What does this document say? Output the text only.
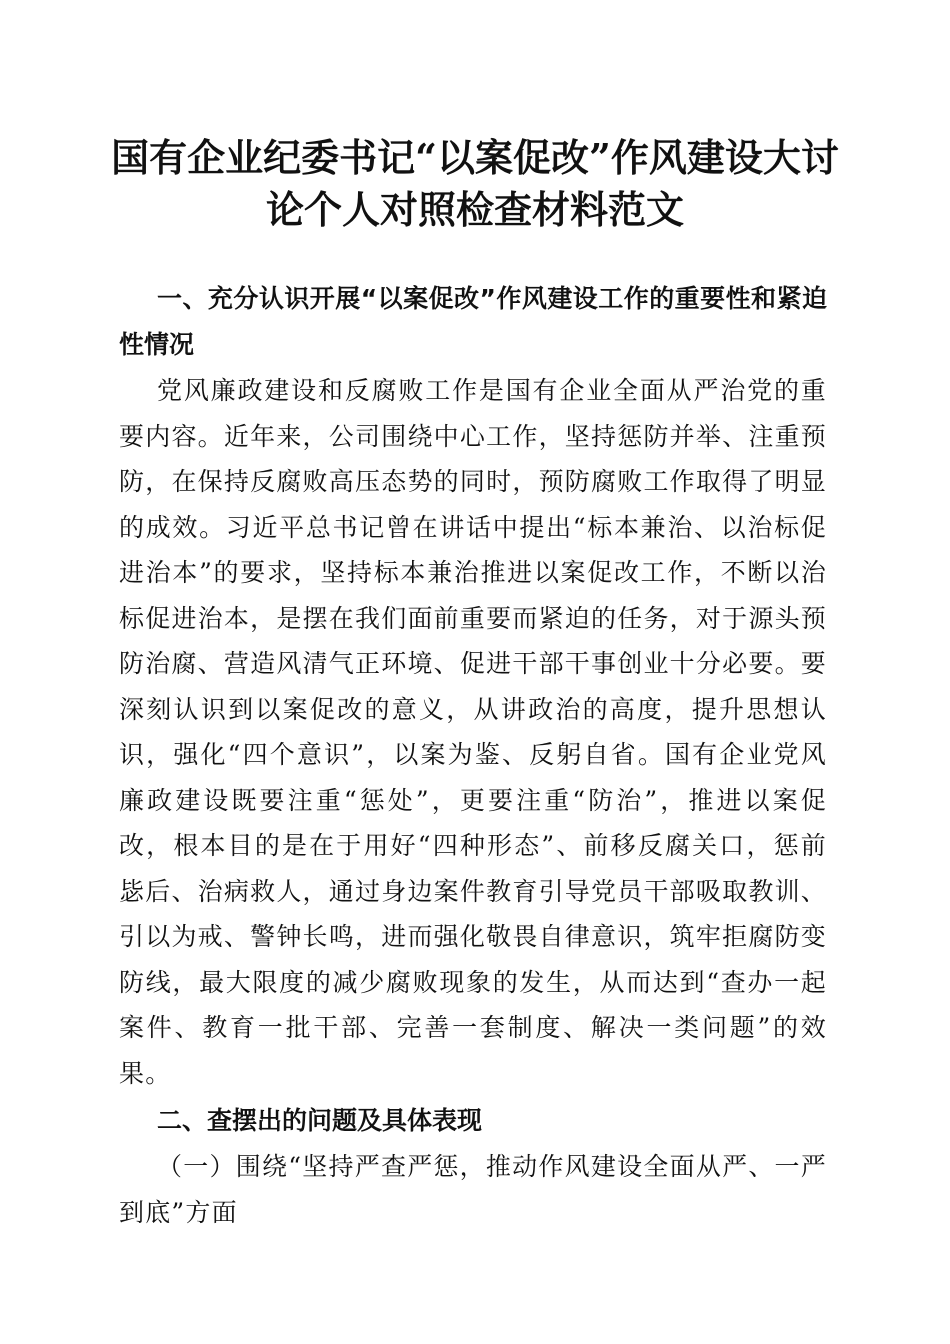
国有企业纪委书记“以案促改”作风建设大讨
论个人对照检查材料范文

一、充分认识开展“以案促改”作风建设工作的重要性和紧迫性情况

党风廉政建设和反腐败工作是国有企业全面从严治党的重要内容。近年来，公司围绕中心工作，坚持惩防并举、注重预防，在保持反腐败高压态势的同时，预防腐败工作取得了明显的成效。习近平总书记曾在讲话中提出“标本兼治、以治标促进治本”的要求，坚持标本兼治推进以案促改工作，不断以治标促进治本，是摆在我们面前重要而紧迫的任务，对于源头预防治腐、营造风清气正环境、促进干部干事创业十分必要。要深刻认识到以案促改的意义，从讲政治的高度，提升思想认识，强化“四个意识”，以案为鉴、反躬自省。国有企业党风廉政建设既要注重“惩处”，更要注重“防治”，推进以案促改，根本目的是在于用好“四种形态”、前移反腐关口，惩前毖后、治病救人，通过身边案件教育引导党员干部吸取教训、引以为戒、警钟长鸣，进而强化敬畏自律意识，筑牢拒腐防变防线，最大限度的减少腐败现象的发生，从而达到“查办一起案件、教育一批干部、完善一套制度、解决一类问题”的效果。

二、查摆出的问题及具体表现

（一）围绕“坚持严查严惩，推动作风建设全面从严、一严到底”方面
